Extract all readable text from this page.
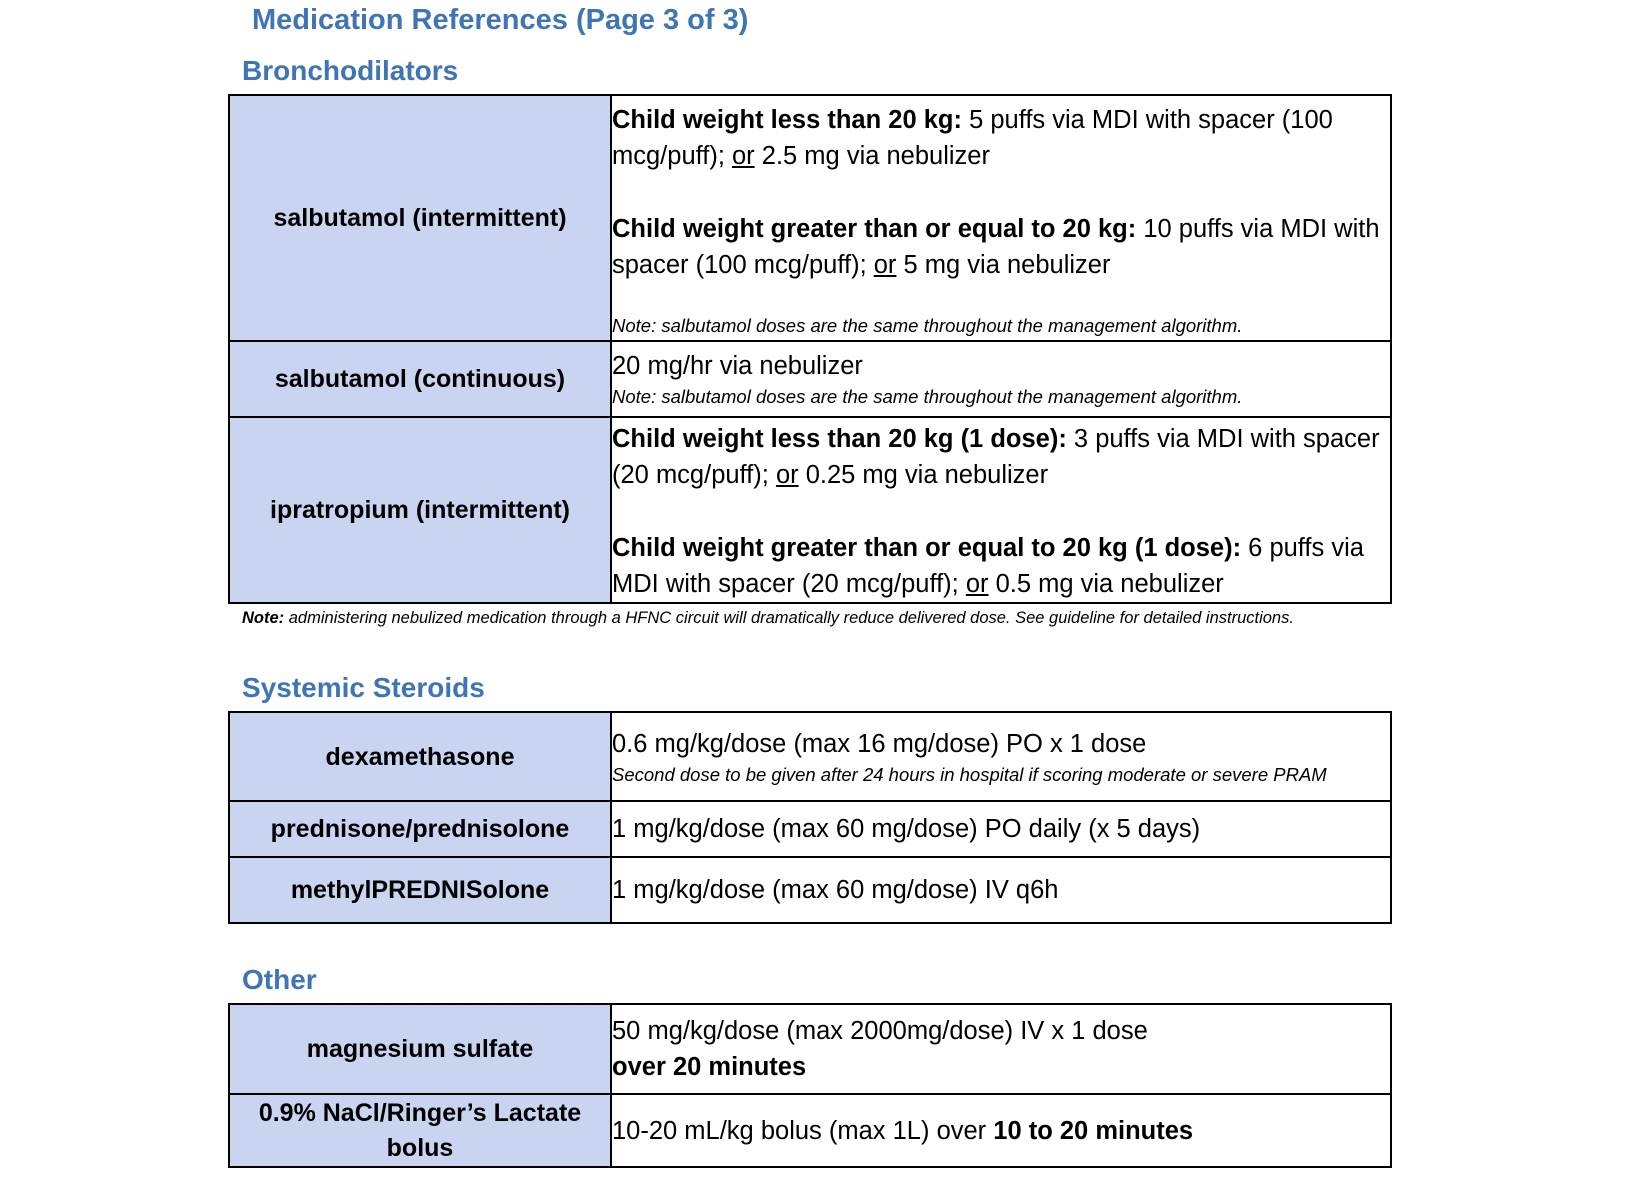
Medication References (Page 3 of 3)
Bronchodilators
salbutamol (intermittent)	Child weight less than 20 kg: 5 puffs via MDI with spacer (100 mcg/puff); or 2.5 mg via nebulizer

Child weight greater than or equal to 20 kg: 10 puffs via MDI with spacer (100 mcg/puff); or 5 mg via nebulizer

Note: salbutamol doses are the same throughout the management algorithm.

salbutamol (continuous)	20 mg/hr via nebulizer

Note: salbutamol doses are the same throughout the management algorithm.

ipratropium (intermittent)	Child weight less than 20 kg (1 dose): 3 puffs via MDI with spacer (20 mcg/puff); or 0.25 mg via nebulizer

Child weight greater than or equal to 20 kg (1 dose): 6 puffs via MDI with spacer (20 mcg/puff); or 0.5 mg via nebulizer

Note: administering nebulized medication through a HFNC circuit will dramatically reduce delivered dose. See guideline for detailed instructions.

Systemic Steroids
dexamethasone	0.6 mg/kg/dose (max 16 mg/dose) PO x 1 dose

Second dose to be given after 24 hours in hospital if scoring moderate or severe PRAM

prednisone/prednisolone	1 mg/kg/dose (max 60 mg/dose) PO daily (x 5 days)

methylPREDNISolone	1 mg/kg/dose (max 60 mg/dose) IV q6h

Other
magnesium sulfate	50 mg/kg/dose (max 2000mg/dose) IV x 1 dose

over 20 minutes

0.9% NaCl/Ringer’s Lactate
bolus	10-20 mL/kg bolus (max 1L) over 10 to 20 minutes
